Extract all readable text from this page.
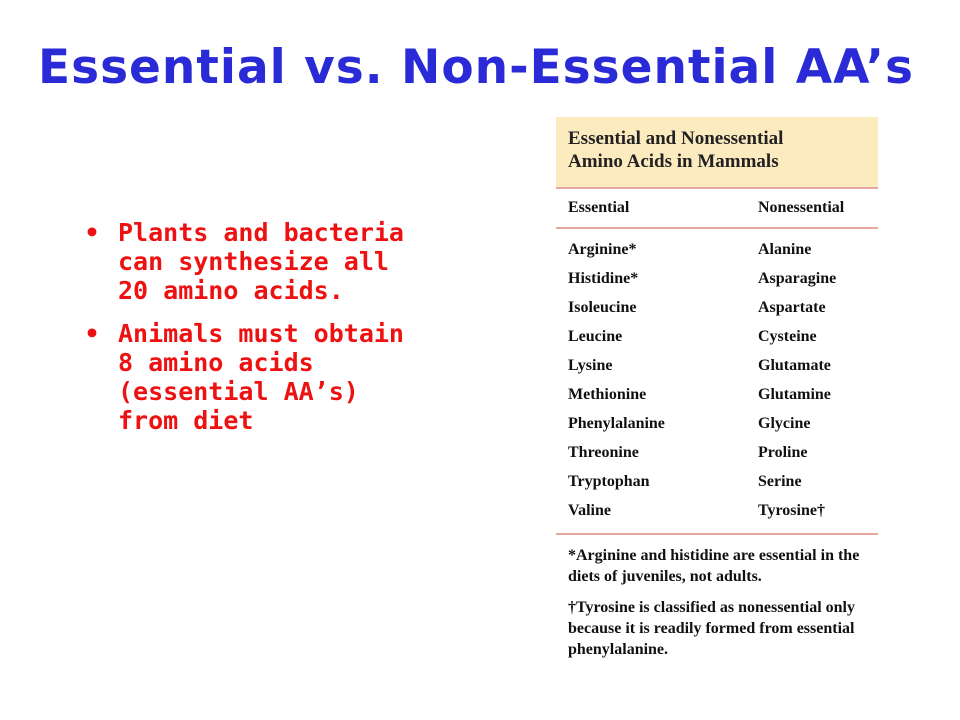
Essential vs. Non-Essential AA’s
• Plants and bacteria can synthesize all 20 amino acids.
• Animals must obtain 8 amino acids (essential AA’s) from diet
Essential and Nonessential
Amino Acids in Mammals
Essential	Nonessential
Arginine*	Alanine
Histidine*	Asparagine
Isoleucine	Aspartate
Leucine	Cysteine
Lysine	Glutamate
Methionine	Glutamine
Phenylalanine	Glycine
Threonine	Proline
Tryptophan	Serine
Valine	Tyrosine†

*Arginine and histidine are essential in the diets of juveniles, not adults.

†Tyrosine is classified as nonessential only because it is readily formed from essential phenylalanine.
